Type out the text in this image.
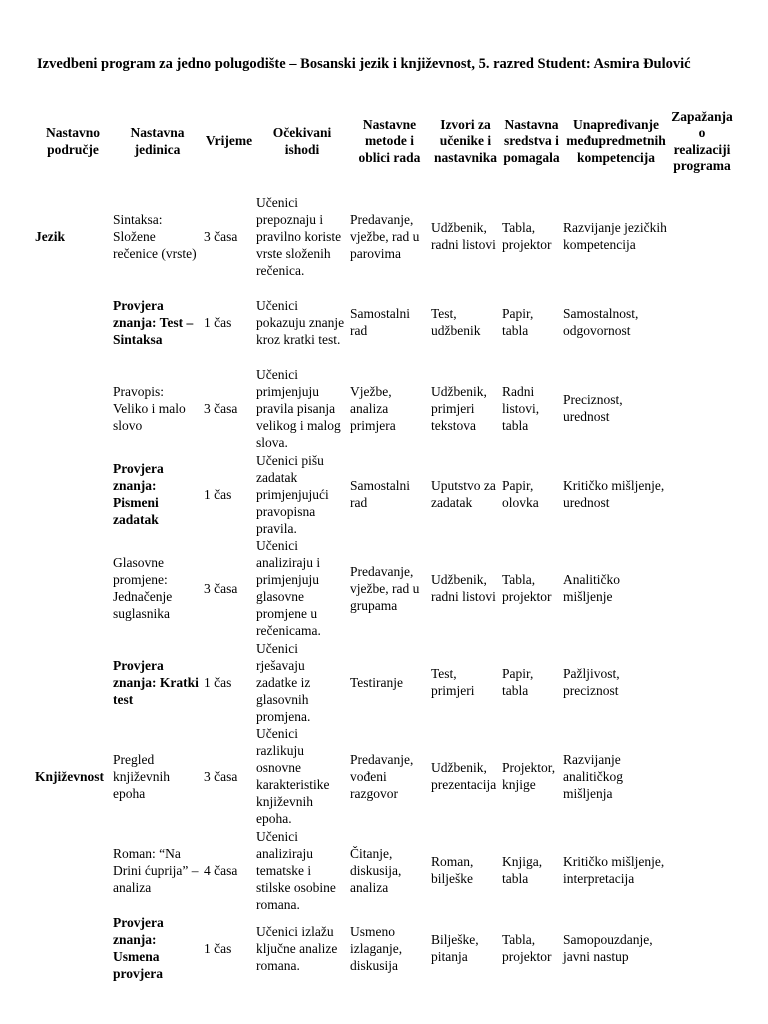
Izvedbeni program za jedno polugodište – Bosanski jezik i književnost, 5. razred Student: Asmira Đulović
Nastavno područje	Nastavna jedinica	Vrijeme	Očekivani ishodi	Nastavne metode i oblici rada	Izvori za učenike i nastavnika	Nastavna sredstva i pomagala	Unapređivanje međupredmetnih kompetencija	Zapažanja o realizaciji programa
Jezik	Sintaksa: Složene rečenice (vrste)	3 časa	Učenici prepoznaju i pravilno koriste vrste složenih rečenica.	Predavanje, vježbe, rad u parovima	Udžbenik, radni listovi	Tabla, projektor	Razvijanje jezičkih kompetencija	
	Provjera znanja: Test – Sintaksa	1 čas	Učenici pokazuju znanje kroz kratki test.	Samostalni rad	Test, udžbenik	Papir, tabla	Samostalnost, odgovornost	
	Pravopis: Veliko i malo slovo	3 časa	Učenici primjenjuju pravila pisanja velikog i malog slova.	Vježbe, analiza primjera	Udžbenik, primjeri tekstova	Radni listovi, tabla	Preciznost, urednost	
	Provjera znanja: Pismeni zadatak	1 čas	Učenici pišu zadatak primjenjujući pravopisna pravila.	Samostalni rad	Uputstvo za zadatak	Papir, olovka	Kritičko mišljenje, urednost	
	Glasovne promjene: Jednačenje suglasnika	3 časa	Učenici analiziraju i primjenjuju glasovne promjene u rečenicama.	Predavanje, vježbe, rad u grupama	Udžbenik, radni listovi	Tabla, projektor	Analitičko mišljenje	
	Provjera znanja: Kratki test	1 čas	Učenici rješavaju zadatke iz glasovnih promjena.	Testiranje	Test, primjeri	Papir, tabla	Pažljivost, preciznost	
Književnost	Pregled književnih epoha	3 časa	Učenici razlikuju osnovne karakteristike književnih epoha.	Predavanje, vođeni razgovor	Udžbenik, prezentacija	Projektor, knjige	Razvijanje analitičkog mišljenja	
	Roman: “Na Drini ćuprija” – analiza	4 časa	Učenici analiziraju tematske i stilske osobine romana.	Čitanje, diskusija, analiza	Roman, bilješke	Knjiga, tabla	Kritičko mišljenje, interpretacija	
	Provjera znanja: Usmena provjera	1 čas	Učenici izlažu ključne analize romana.	Usmeno izlaganje, diskusija	Bilješke, pitanja	Tabla, projektor	Samopouzdanje, javni nastup	
